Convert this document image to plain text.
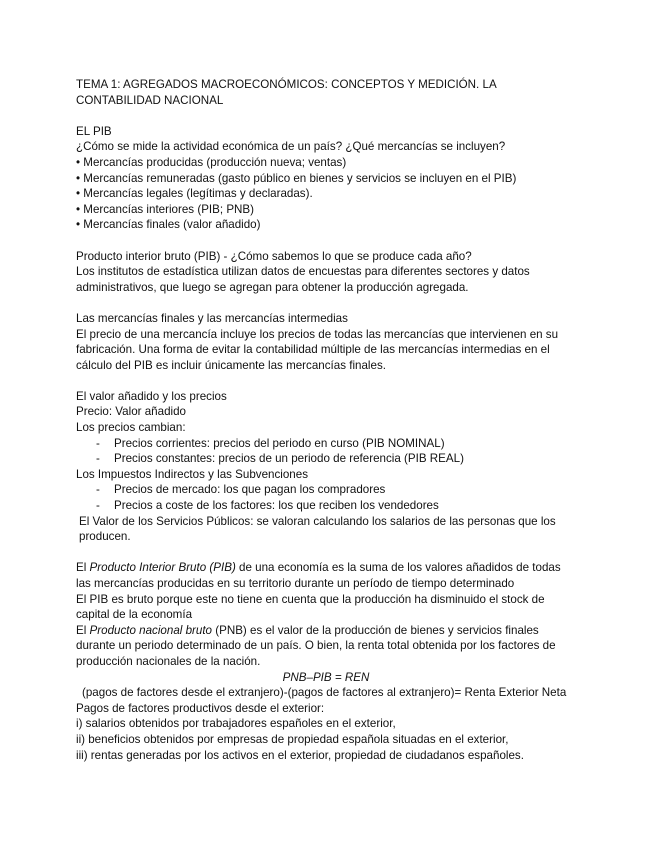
TEMA 1: AGREGADOS MACROECONÓMICOS: CONCEPTOS Y MEDICIÓN. LA CONTABILIDAD NACIONAL

EL PIB

¿Cómo se mide la actividad económica de un país? ¿Qué mercancías se incluyen?

• Mercancías producidas (producción nueva; ventas)
• Mercancías remuneradas (gasto público en bienes y servicios se incluyen en el PIB)
• Mercancías legales (legítimas y declaradas).
• Mercancías interiores (PIB; PNB)
• Mercancías finales (valor añadido)

Producto interior bruto (PIB) - ¿Cómo sabemos lo que se produce cada año?

Los institutos de estadística utilizan datos de encuestas para diferentes sectores y datos administrativos, que luego se agregan para obtener la producción agregada.

Las mercancías finales y las mercancías intermedias

El precio de una mercancía incluye los precios de todas las mercancías que intervienen en su fabricación. Una forma de evitar la contabilidad múltiple de las mercancías intermedias en el cálculo del PIB es incluir únicamente las mercancías finales.

El valor añadido y los precios

Precio: Valor añadido

Los precios cambian:

- Precios corrientes: precios del periodo en curso (PIB NOMINAL)
- Precios constantes: precios de un periodo de referencia (PIB REAL)

Los Impuestos Indirectos y las Subvenciones

- Precios de mercado: los que pagan los compradores
- Precios a coste de los factores: los que reciben los vendedores

El Valor de los Servicios Públicos: se valoran calculando los salarios de las personas que los producen.

El Producto Interior Bruto (PIB) de una economía es la suma de los valores añadidos de todas las mercancías producidas en su territorio durante un período de tiempo determinado

El PIB es bruto porque este no tiene en cuenta que la producción ha disminuido el stock de capital de la economía

El Producto nacional bruto (PNB) es el valor de la producción de bienes y servicios finales durante un periodo determinado de un país. O bien, la renta total obtenida por los factores de producción nacionales de la nación.

PNB–PIB = REN

(pagos de factores desde el extranjero)-(pagos de factores al extranjero)= Renta Exterior Neta

Pagos de factores productivos desde el exterior:

i) salarios obtenidos por trabajadores españoles en el exterior,

ii) beneficios obtenidos por empresas de propiedad española situadas en el exterior,

iii) rentas generadas por los activos en el exterior, propiedad de ciudadanos españoles.
